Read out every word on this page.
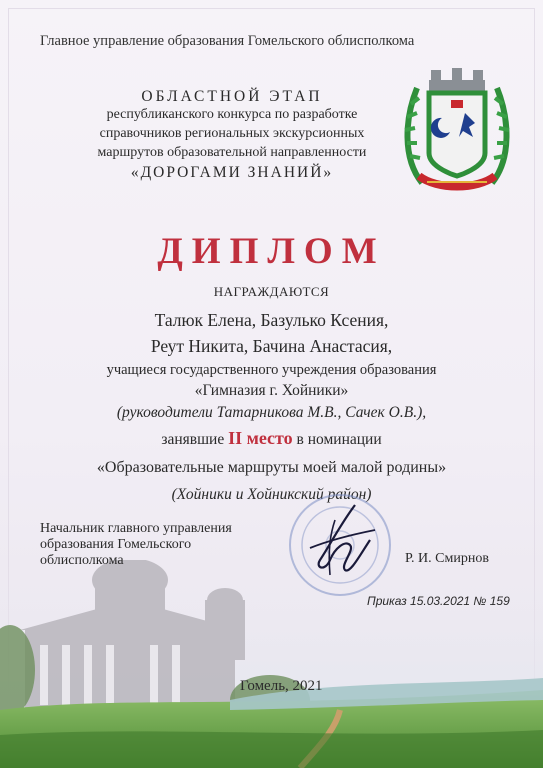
Главное управление образования Гомельского облисполкома
ОБЛАСТНОЙ ЭТАП
республиканского конкурса по разработке
справочников региональных экскурсионных
маршрутов образовательной направленности
«ДОРОГАМИ ЗНАНИЙ»
ДИПЛОМ
НАГРАЖДАЮТСЯ
Талюк Елена, Базулько Ксения,
Реут Никита, Бачина Анастасия,
учащиеся государственного учреждения образования
«Гимназия г. Хойники»
(руководители Татарникова М.В., Сачек О.В.),
занявшие II место в номинации
«Образовательные маршруты моей малой родины»
(Хойники и Хойникский район)
Начальник главного управления образования Гомельского облисполкома	Р. И. Смирнов
Приказ 15.03.2021 № 159
Гомель, 2021
